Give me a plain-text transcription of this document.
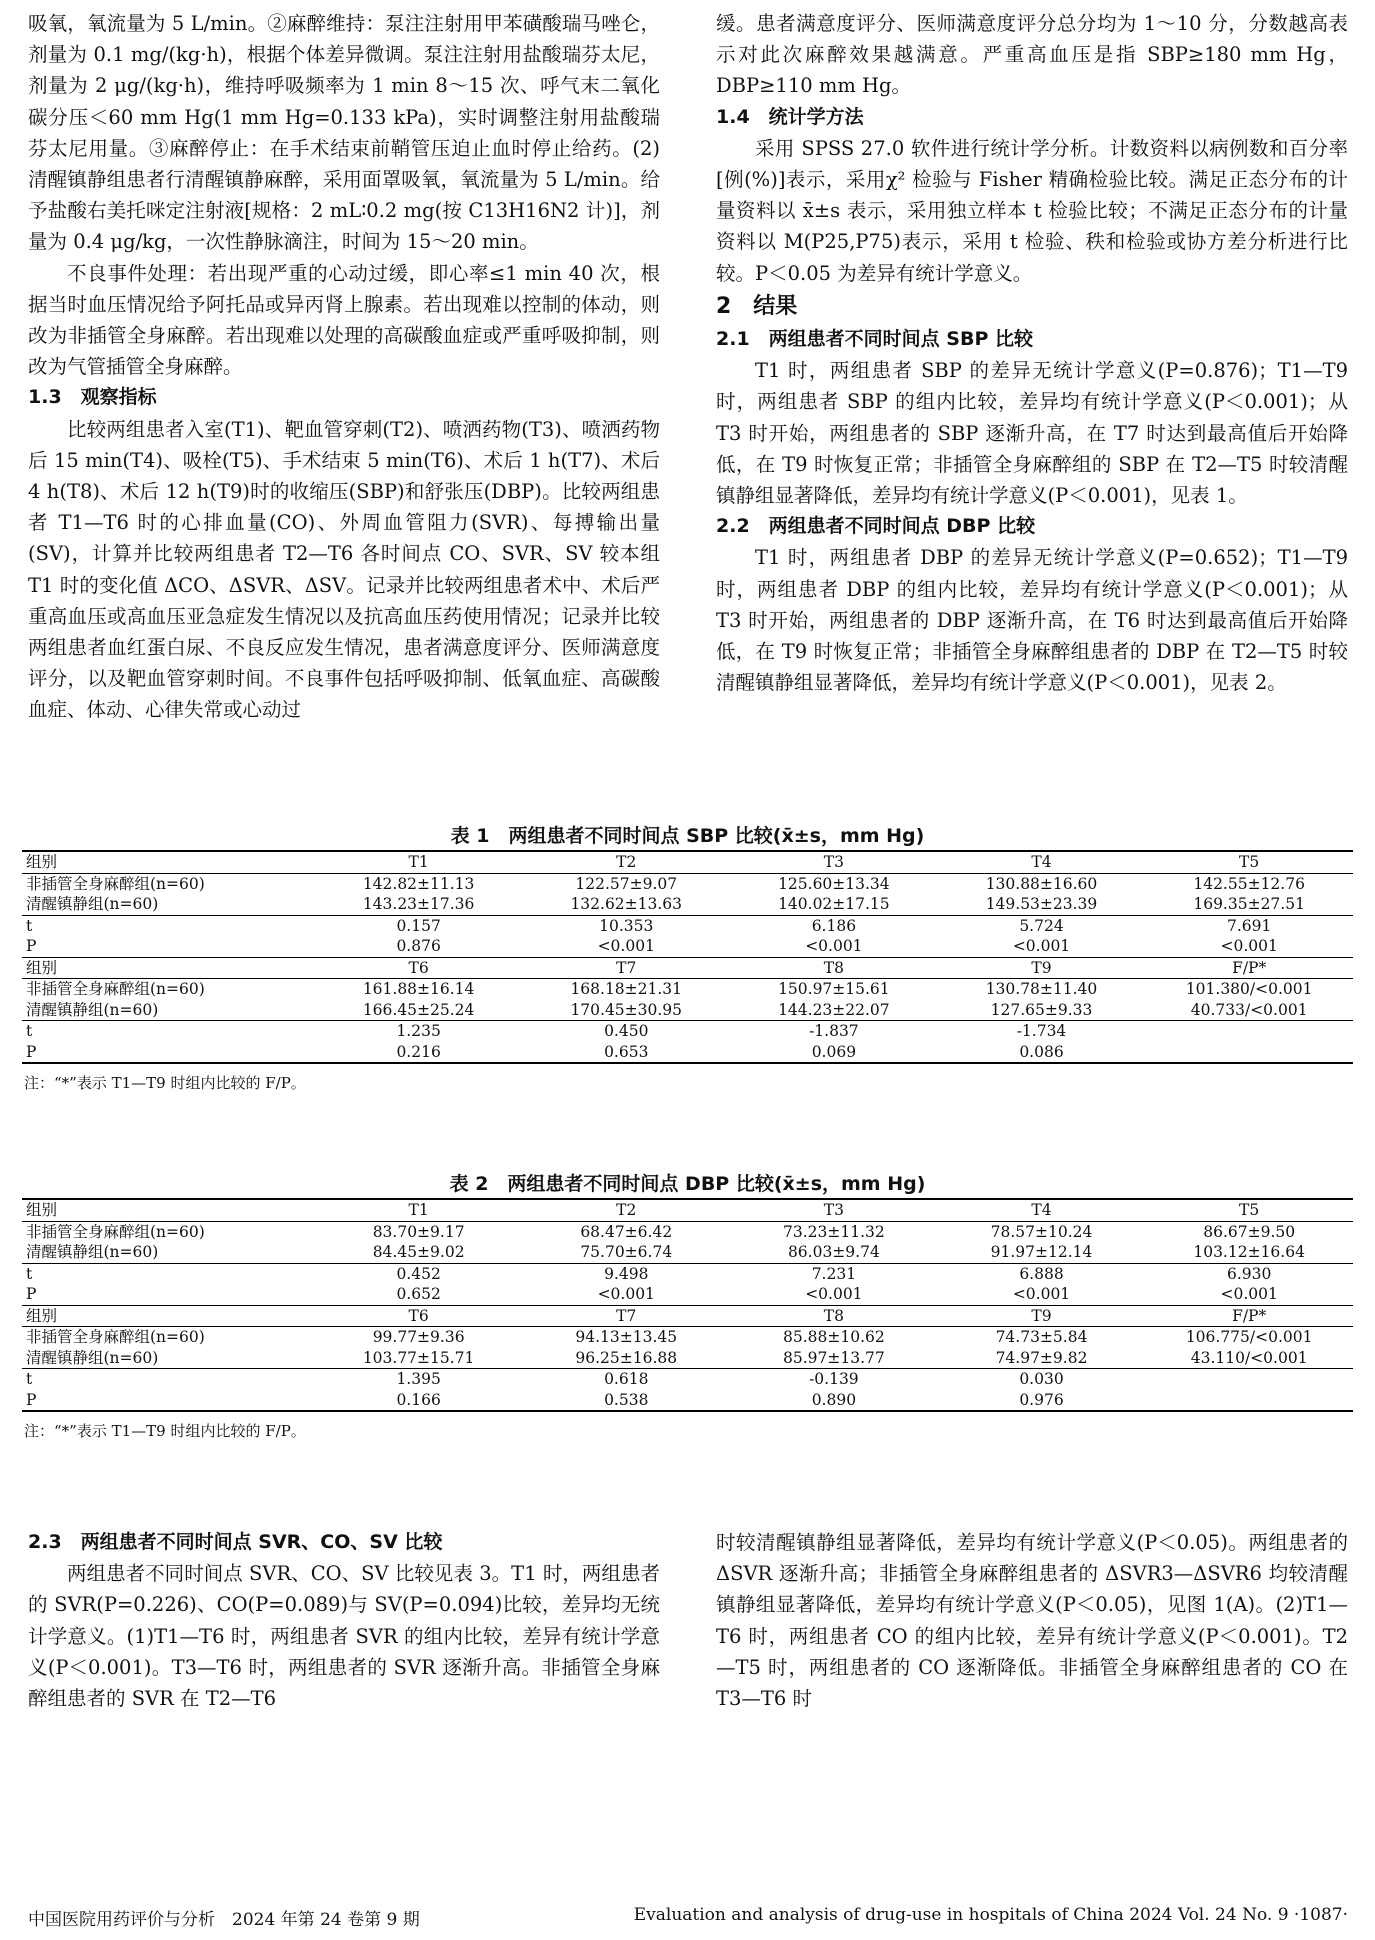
吸氧，氧流量为 5 L/min。②麻醉维持：泵注注射用甲苯磺酸瑞马唑仑，剂量为 0.1 mg/(kg·h)，根据个体差异微调。泵注注射用盐酸瑞芬太尼，剂量为 2 μg/(kg·h)，维持呼吸频率为 1 min 8～15 次、呼气末二氧化碳分压＜60 mm Hg(1 mm Hg=0.133 kPa)，实时调整注射用盐酸瑞芬太尼用量。③麻醉停止：在手术结束前鞘管压迫止血时停止给药。(2)清醒镇静组患者行清醒镇静麻醉，采用面罩吸氧，氧流量为 5 L/min。给予盐酸右美托咪定注射液[规格：2 mL∶0.2 mg(按 C13H16N2 计)]，剂量为 0.4 μg/kg，一次性静脉滴注，时间为 15～20 min。

不良事件处理：若出现严重的心动过缓，即心率≤1 min 40 次，根据当时血压情况给予阿托品或异丙肾上腺素。若出现难以控制的体动，则改为非插管全身麻醉。若出现难以处理的高碳酸血症或严重呼吸抑制，则改为气管插管全身麻醉。

1.3　观察指标

比较两组患者入室(T1)、靶血管穿刺(T2)、喷洒药物(T3)、喷洒药物后 15 min(T4)、吸栓(T5)、手术结束 5 min(T6)、术后 1 h(T7)、术后 4 h(T8)、术后 12 h(T9)时的收缩压(SBP)和舒张压(DBP)。比较两组患者 T1—T6 时的心排血量(CO)、外周血管阻力(SVR)、每搏输出量(SV)，计算并比较两组患者 T2—T6 各时间点 CO、SVR、SV 较本组 T1 时的变化值 ΔCO、ΔSVR、ΔSV。记录并比较两组患者术中、术后严重高血压或高血压亚急症发生情况以及抗高血压药使用情况；记录并比较两组患者血红蛋白尿、不良反应发生情况，患者满意度评分、医师满意度评分，以及靶血管穿刺时间。不良事件包括呼吸抑制、低氧血症、高碳酸血症、体动、心律失常或心动过

缓。患者满意度评分、医师满意度评分总分均为 1～10 分，分数越高表示对此次麻醉效果越满意。严重高血压是指 SBP≥180 mm Hg，DBP≥110 mm Hg。

1.4　统计学方法

采用 SPSS 27.0 软件进行统计学分析。计数资料以病例数和百分率[例(%)]表示，采用χ² 检验与 Fisher 精确检验比较。满足正态分布的计量资料以 x̄±s 表示，采用独立样本 t 检验比较；不满足正态分布的计量资料以 M(P25,P75)表示，采用 t 检验、秩和检验或协方差分析进行比较。P＜0.05 为差异有统计学意义。

2　结果

2.1　两组患者不同时间点 SBP 比较

T1 时，两组患者 SBP 的差异无统计学意义(P=0.876)；T1—T9 时，两组患者 SBP 的组内比较，差异均有统计学意义(P＜0.001)；从 T3 时开始，两组患者的 SBP 逐渐升高，在 T7 时达到最高值后开始降低，在 T9 时恢复正常；非插管全身麻醉组的 SBP 在 T2—T5 时较清醒镇静组显著降低，差异均有统计学意义(P＜0.001)，见表 1。

2.2　两组患者不同时间点 DBP 比较

T1 时，两组患者 DBP 的差异无统计学意义(P=0.652)；T1—T9 时，两组患者 DBP 的组内比较，差异均有统计学意义(P＜0.001)；从 T3 时开始，两组患者的 DBP 逐渐升高，在 T6 时达到最高值后开始降低，在 T9 时恢复正常；非插管全身麻醉组患者的 DBP 在 T2—T5 时较清醒镇静组显著降低，差异均有统计学意义(P＜0.001)，见表 2。

表 1　两组患者不同时间点 SBP 比较(x̄±s，mm Hg)
组别	T1	T2	T3	T4	T5
非插管全身麻醉组(n=60)	142.82±11.13	122.57±9.07	125.60±13.34	130.88±16.60	142.55±12.76
清醒镇静组(n=60)	143.23±17.36	132.62±13.63	140.02±17.15	149.53±23.39	169.35±27.51
t	0.157	10.353	6.186	5.724	7.691
P	0.876	<0.001	<0.001	<0.001	<0.001
组别	T6	T7	T8	T9	F/P*
非插管全身麻醉组(n=60)	161.88±16.14	168.18±21.31	150.97±15.61	130.78±11.40	101.380/<0.001
清醒镇静组(n=60)	166.45±25.24	170.45±30.95	144.23±22.07	127.65±9.33	40.733/<0.001
t	1.235	0.450	-1.837	-1.734	
P	0.216	0.653	0.069	0.086	
注：“*”表示 T1—T9 时组内比较的 F/P。
表 2　两组患者不同时间点 DBP 比较(x̄±s，mm Hg)
组别	T1	T2	T3	T4	T5
非插管全身麻醉组(n=60)	83.70±9.17	68.47±6.42	73.23±11.32	78.57±10.24	86.67±9.50
清醒镇静组(n=60)	84.45±9.02	75.70±6.74	86.03±9.74	91.97±12.14	103.12±16.64
t	0.452	9.498	7.231	6.888	6.930
P	0.652	<0.001	<0.001	<0.001	<0.001
组别	T6	T7	T8	T9	F/P*
非插管全身麻醉组(n=60)	99.77±9.36	94.13±13.45	85.88±10.62	74.73±5.84	106.775/<0.001
清醒镇静组(n=60)	103.77±15.71	96.25±16.88	85.97±13.77	74.97±9.82	43.110/<0.001
t	1.395	0.618	-0.139	0.030	
P	0.166	0.538	0.890	0.976	
注：“*”表示 T1—T9 时组内比较的 F/P。

2.3　两组患者不同时间点 SVR、CO、SV 比较

两组患者不同时间点 SVR、CO、SV 比较见表 3。T1 时，两组患者的 SVR(P=0.226)、CO(P=0.089)与 SV(P=0.094)比较，差异均无统计学意义。(1)T1—T6 时，两组患者 SVR 的组内比较，差异有统计学意义(P＜0.001)。T3—T6 时，两组患者的 SVR 逐渐升高。非插管全身麻醉组患者的 SVR 在 T2—T6

时较清醒镇静组显著降低，差异均有统计学意义(P＜0.05)。两组患者的 ΔSVR 逐渐升高；非插管全身麻醉组患者的 ΔSVR3—ΔSVR6 均较清醒镇静组显著降低，差异均有统计学意义(P＜0.05)，见图 1(A)。(2)T1—T6 时，两组患者 CO 的组内比较，差异有统计学意义(P＜0.001)。T2—T5 时，两组患者的 CO 逐渐降低。非插管全身麻醉组患者的 CO 在 T3—T6 时

中国医院用药评价与分析　2024 年第 24 卷第 9 期	Evaluation and analysis of drug-use in hospitals of China 2024 Vol. 24 No. 9 ·1087·
